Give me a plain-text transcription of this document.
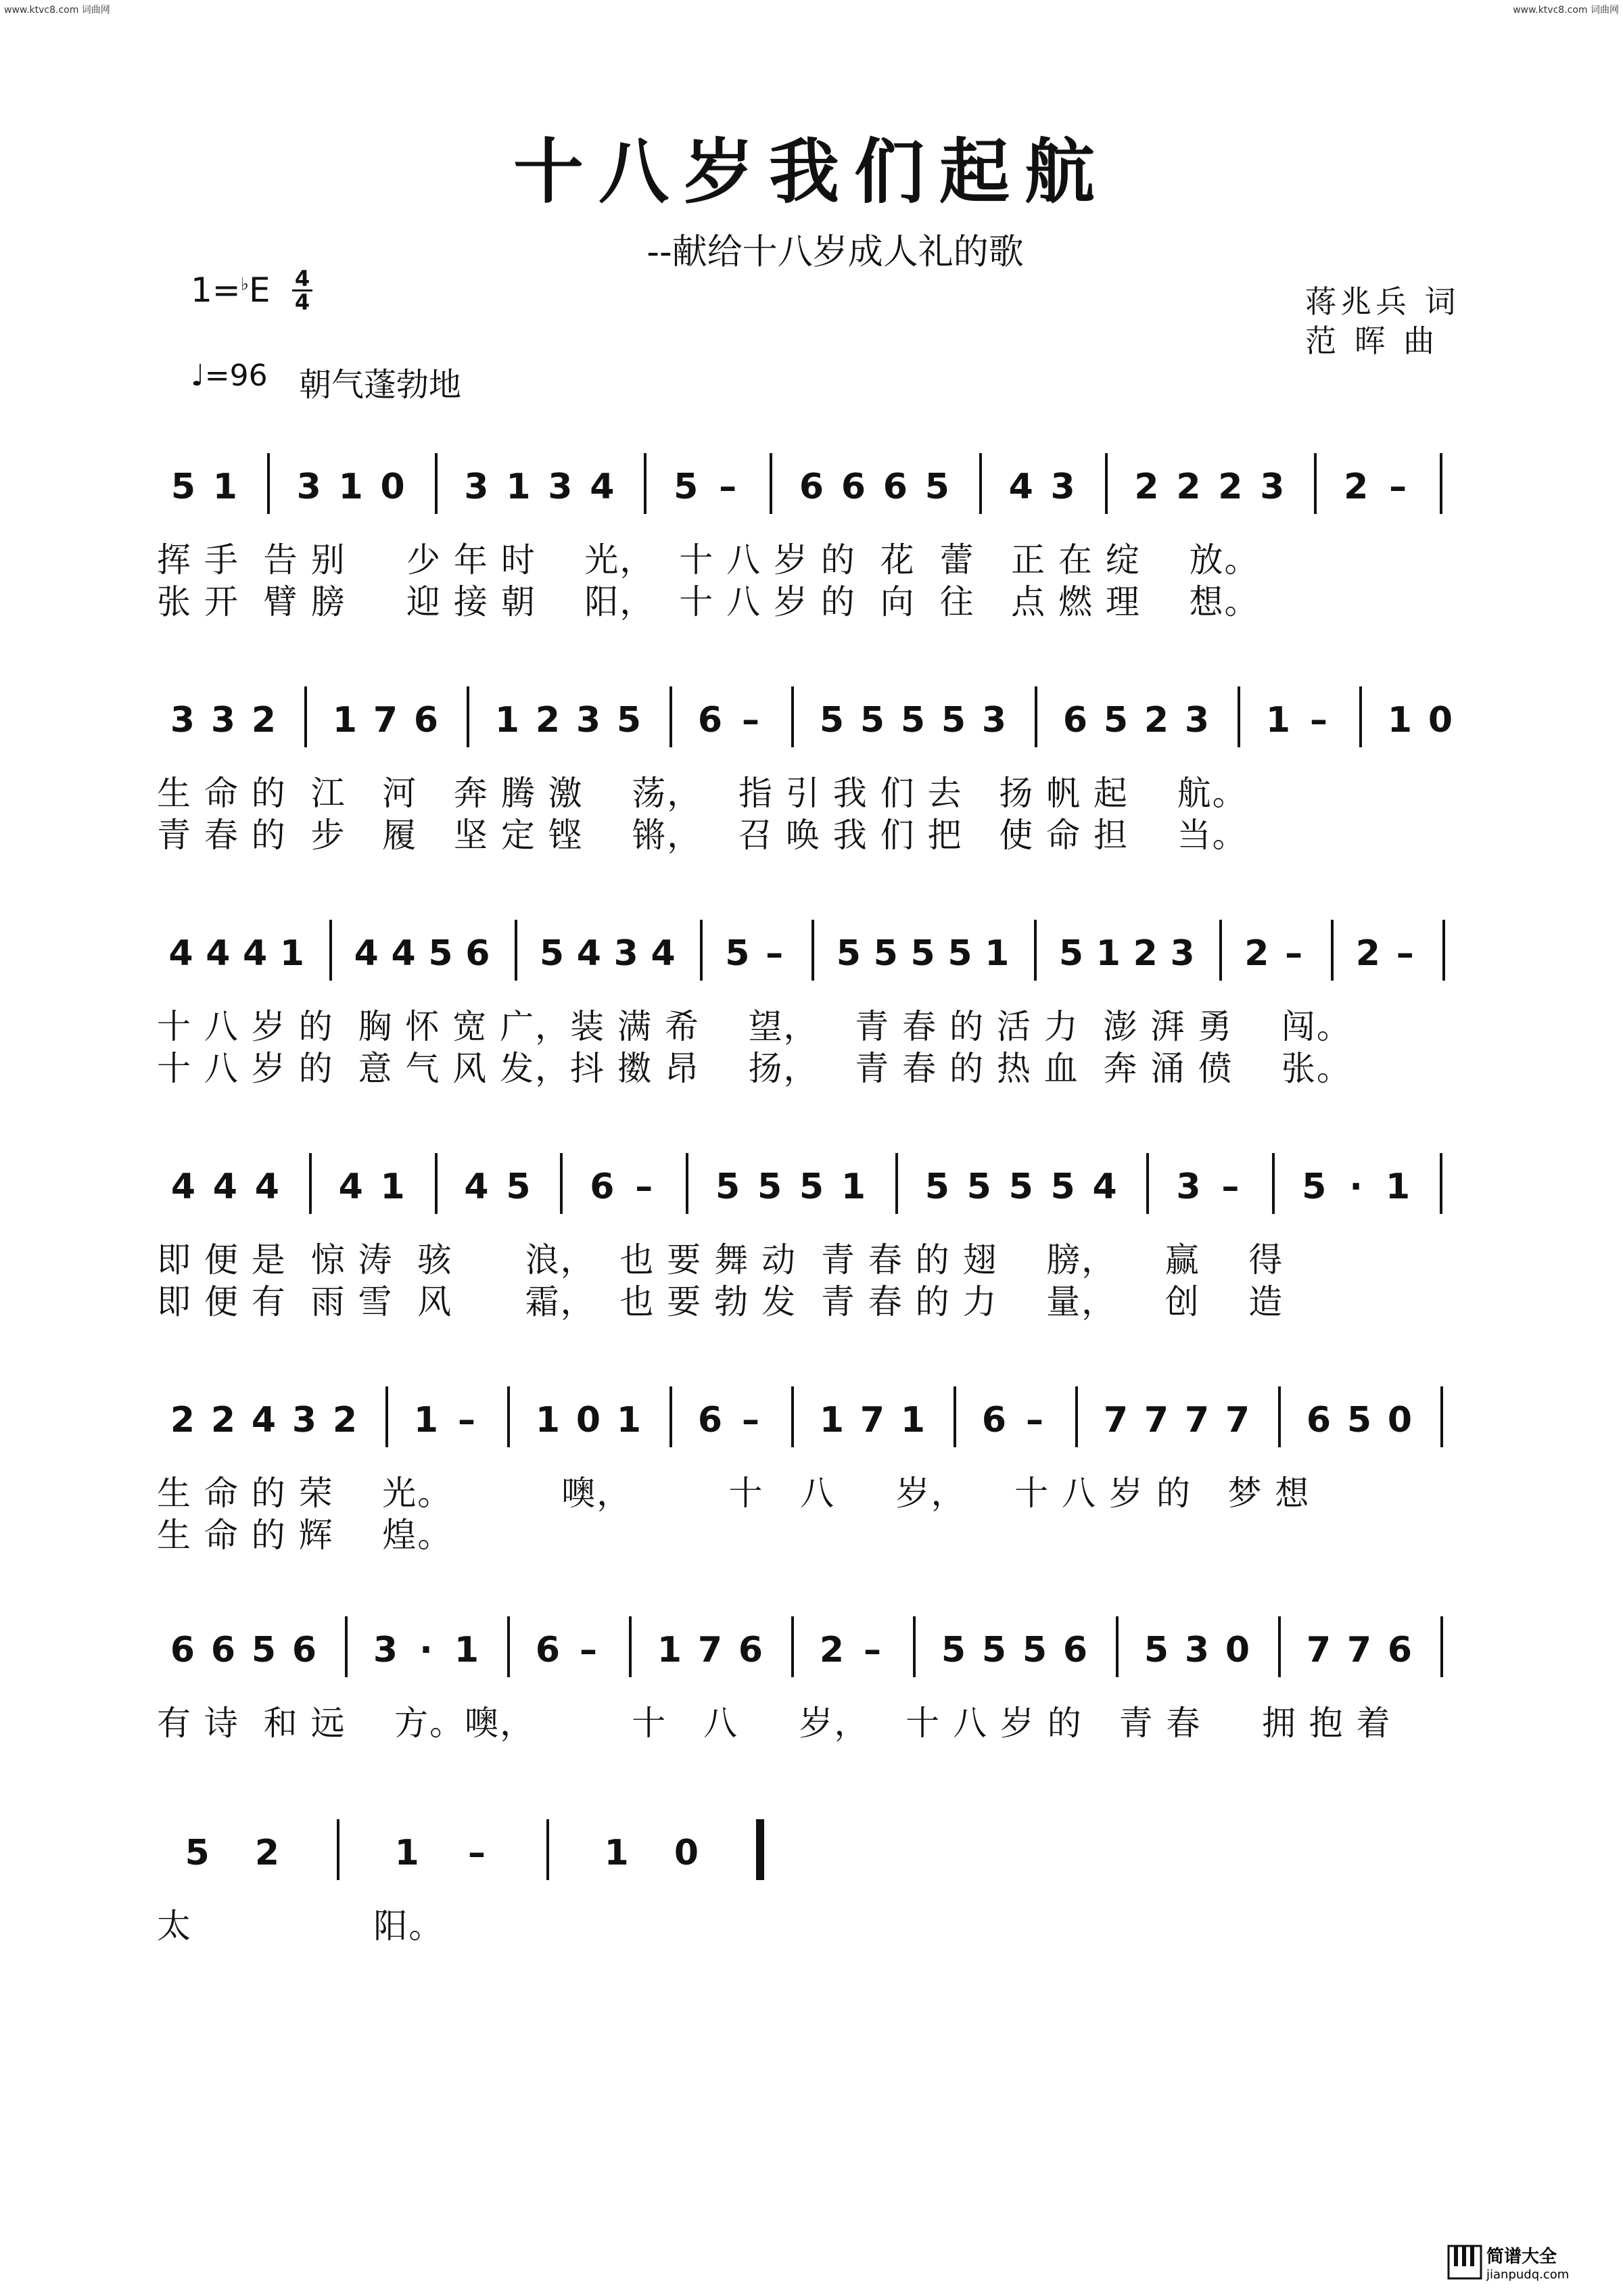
www.ktvc8.com 词曲网	www.ktvc8.com 词曲网
十八岁我们起航
--献给十八岁成人礼的歌
1=♭E 4
4	蒋兆兵 词
范 晖 曲
♩=96 朝气蓬勃地
5 1 3 1 0 3 1 3 4 5 – 6 6 6 5 4 3 2 2 2 3 2 –
挥 手  告 别     少 年 时    光，  十 八 岁 的  花  蕾   正 在 绽    放。
张 开  臂 膀     迎 接 朝    阳，  十 八 岁 的  向  往   点 燃 理    想。
3 3 2 1 7 6 1 2 3 5 6 – 5 5 5 5 3 6 5 2 3 1 – 1 0
生 命 的  江   河   奔 腾 激    荡，   指 引 我 们 去   扬 帆 起    航。
青 春 的  步   履   坚 定 铿    锵，   召 唤 我 们 把   使 命 担    当。
4 4 4 1 4 4 5 6 5 4 3 4 5 – 5 5 5 5 1 5 1 2 3 2 – 2 –
十 八 岁 的  胸 怀 宽 广，装 满 希    望，   青 春 的 活 力  澎 湃 勇    闯。
十 八 岁 的  意 气 风 发，抖 擞 昂    扬，   青 春 的 热 血  奔 涌 偾    张。
4 4 4 4 1 4 5 6 – 5 5 5 1 5 5 5 5 4 3 – 5 · 1
即 便 是  惊 涛  骇      浪，  也 要 舞 动  青 春 的 翅    膀，    赢    得
即 便 有  雨 雪  风      霜，  也 要 勃 发  青 春 的 力    量，    创    造
2 2 4 3 2 1 – 1 0 1 6 – 1 7 1 6 – 7 7 7 7 6 5 0
生 命 的 荣    光。         噢，        十   八     岁，    十 八 岁 的   梦 想
生 命 的 辉    煌。
6 6 5 6 3 · 1 6 – 1 7 6 2 – 5 5 5 6 5 3 0 7 7 6
有 诗  和 远    方。噢，        十   八     岁，   十 八 岁 的   青 春     拥 抱 着
5 2	1 –	1 0
太               阳。
简谱大全
jianpudq.com
